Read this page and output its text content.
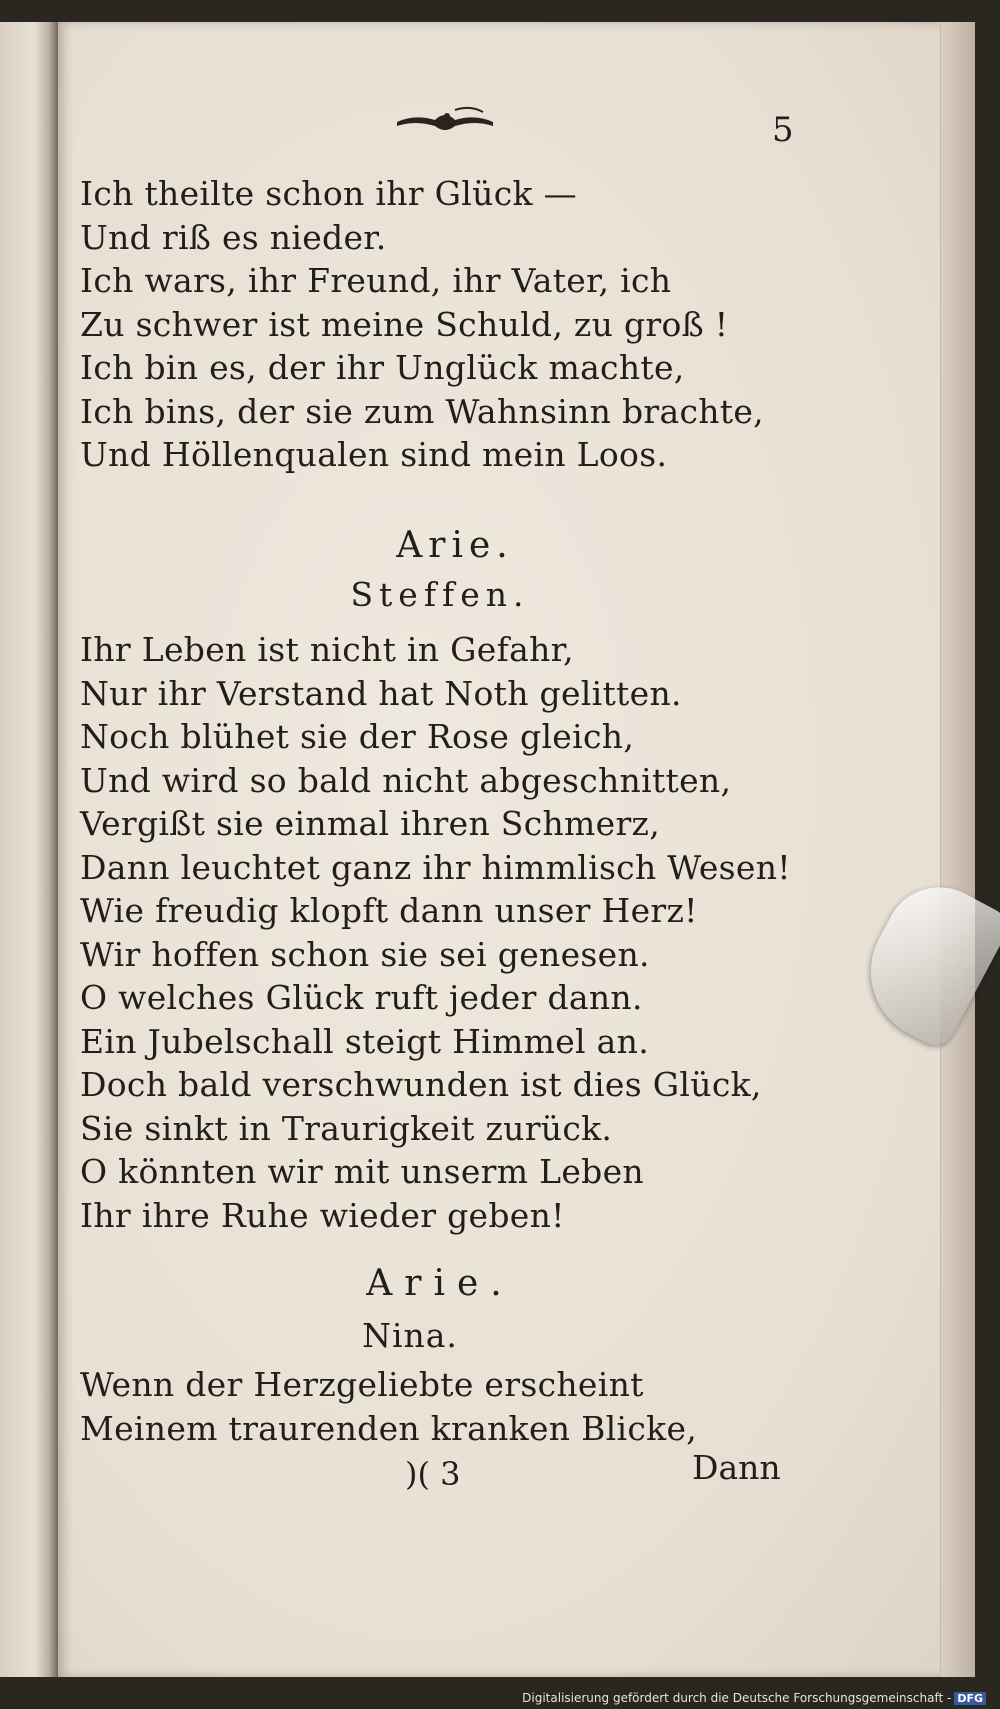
5
Ich theilte schon ihr Glück —
Und riß es nieder.
Ich wars, ihr Freund, ihr Vater, ich
Zu schwer ist meine Schuld, zu groß !
Ich bin es, der ihr Unglück machte,
Ich bins, der sie zum Wahnsinn brachte,
Und Höllenqualen sind mein Loos.
Arie.
Steffen.
Ihr Leben ist nicht in Gefahr,
Nur ihr Verstand hat Noth gelitten.
Noch blühet sie der Rose gleich,
Und wird so bald nicht abgeschnitten,
Vergißt sie einmal ihren Schmerz,
Dann leuchtet ganz ihr himmlisch Wesen!
Wie freudig klopft dann unser Herz!
Wir hoffen schon sie sei genesen.
O welches Glück ruft jeder dann.
Ein Jubelschall steigt Himmel an.
Doch bald verschwunden ist dies Glück,
Sie sinkt in Traurigkeit zurück.
O könnten wir mit unserm Leben
Ihr ihre Ruhe wieder geben!
Arie.
Nina.
Wenn der Herzgeliebte erscheint
Meinem traurenden kranken Blicke,
)( 3	Dann
Digitalisierung gefördert durch die Deutsche Forschungsgemeinschaft - DFG
